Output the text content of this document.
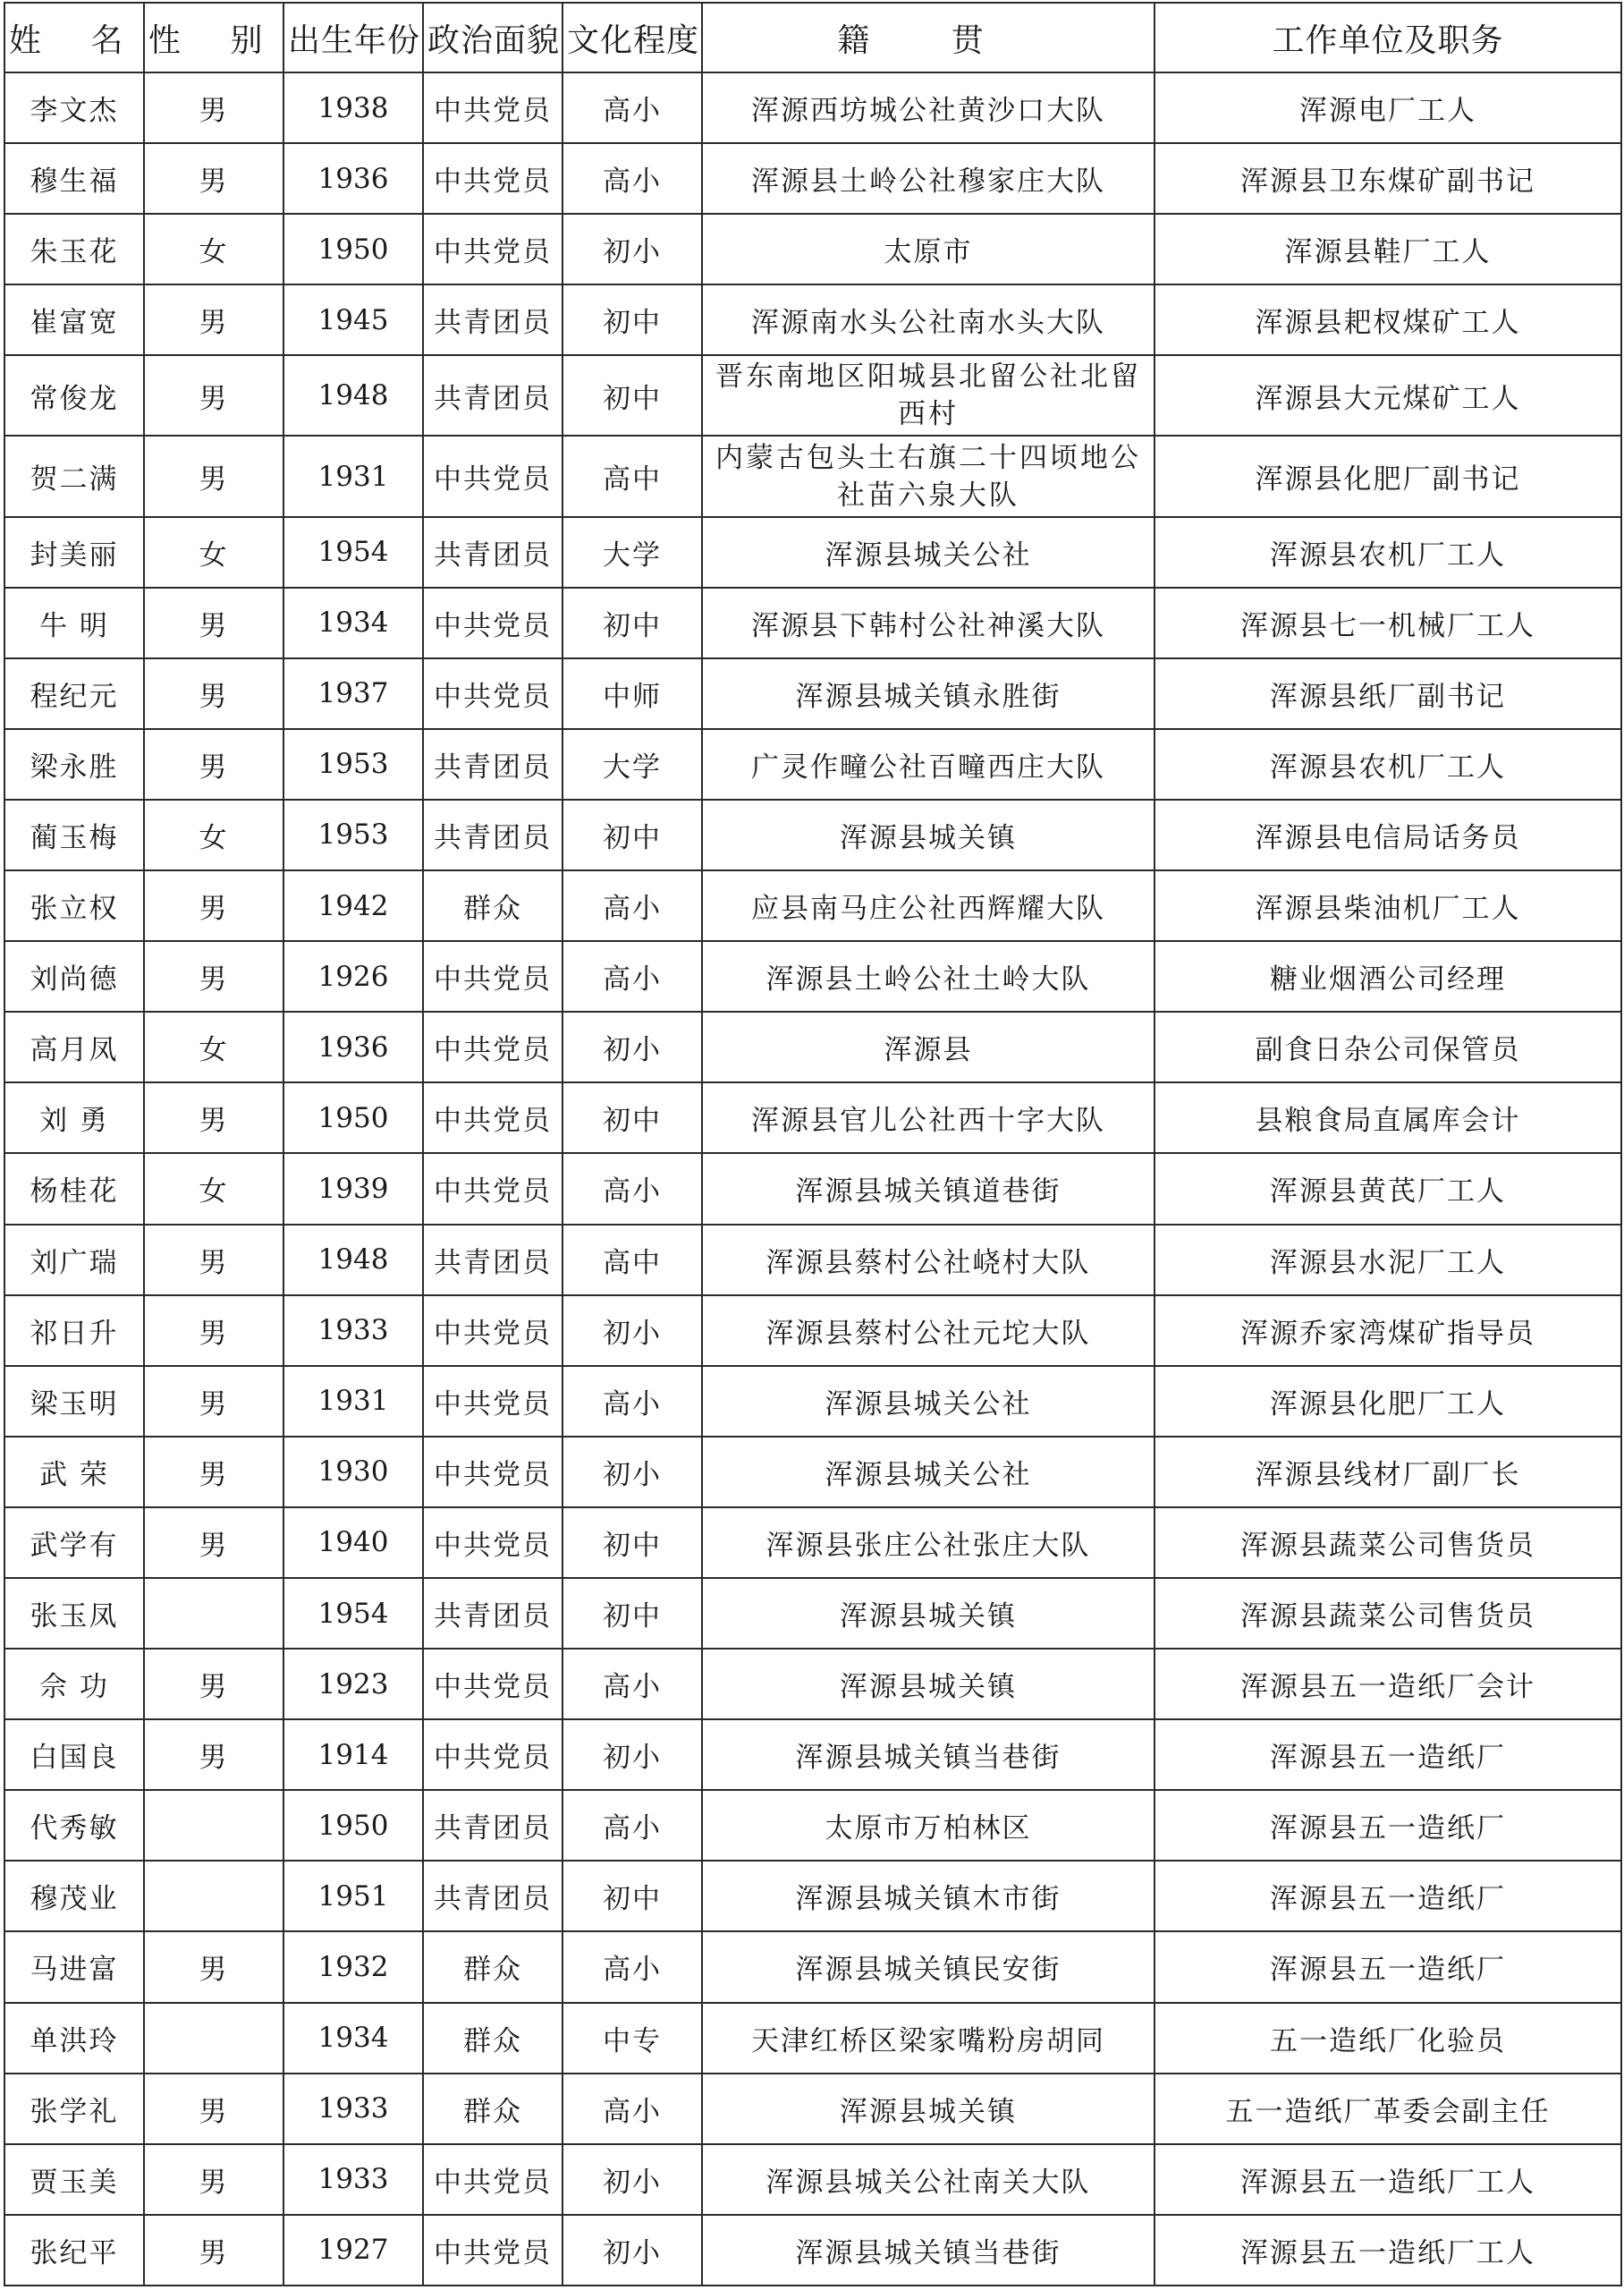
姓 名	性 别	出生年份	政治面貌	文化程度	籍 贯	工作单位及职务
李文杰	男	1938	中共党员	高小	浑源西坊城公社黄沙口大队	浑源电厂工人
穆生福	男	1936	中共党员	高小	浑源县土岭公社穆家庄大队	浑源县卫东煤矿副书记
朱玉花	女	1950	中共党员	初小	太原市	浑源县鞋厂工人
崔富宽	男	1945	共青团员	初中	浑源南水头公社南水头大队	浑源县耙杈煤矿工人
常俊龙	男	1948	共青团员	初中	晋东南地区阳城县北留公社北留西村	浑源县大元煤矿工人
贺二满	男	1931	中共党员	高中	内蒙古包头土右旗二十四顷地公社苗六泉大队	浑源县化肥厂副书记
封美丽	女	1954	共青团员	大学	浑源县城关公社	浑源县农机厂工人
牛 明	男	1934	中共党员	初中	浑源县下韩村公社神溪大队	浑源县七一机械厂工人
程纪元	男	1937	中共党员	中师	浑源县城关镇永胜街	浑源县纸厂副书记
梁永胜	男	1953	共青团员	大学	广灵作疃公社百疃西庄大队	浑源县农机厂工人
蔺玉梅	女	1953	共青团员	初中	浑源县城关镇	浑源县电信局话务员
张立权	男	1942	群众	高小	应县南马庄公社西辉耀大队	浑源县柴油机厂工人
刘尚德	男	1926	中共党员	高小	浑源县土岭公社土岭大队	糖业烟酒公司经理
高月凤	女	1936	中共党员	初小	浑源县	副食日杂公司保管员
刘 勇	男	1950	中共党员	初中	浑源县官儿公社西十字大队	县粮食局直属库会计
杨桂花	女	1939	中共党员	高小	浑源县城关镇道巷街	浑源县黄芪厂工人
刘广瑞	男	1948	共青团员	高中	浑源县蔡村公社峣村大队	浑源县水泥厂工人
祁日升	男	1933	中共党员	初小	浑源县蔡村公社元坨大队	浑源乔家湾煤矿指导员
梁玉明	男	1931	中共党员	高小	浑源县城关公社	浑源县化肥厂工人
武 荣	男	1930	中共党员	初小	浑源县城关公社	浑源县线材厂副厂长
武学有	男	1940	中共党员	初中	浑源县张庄公社张庄大队	浑源县蔬菜公司售货员
张玉凤		1954	共青团员	初中	浑源县城关镇	浑源县蔬菜公司售货员
佘 功	男	1923	中共党员	高小	浑源县城关镇	浑源县五一造纸厂会计
白国良	男	1914	中共党员	初小	浑源县城关镇当巷街	浑源县五一造纸厂
代秀敏		1950	共青团员	高小	太原市万柏林区	浑源县五一造纸厂
穆茂业		1951	共青团员	初中	浑源县城关镇木市街	浑源县五一造纸厂
马进富	男	1932	群众	高小	浑源县城关镇民安街	浑源县五一造纸厂
单洪玲		1934	群众	中专	天津红桥区梁家嘴粉房胡同	五一造纸厂化验员
张学礼	男	1933	群众	高小	浑源县城关镇	五一造纸厂革委会副主任
贾玉美	男	1933	中共党员	初小	浑源县城关公社南关大队	浑源县五一造纸厂工人
张纪平	男	1927	中共党员	初小	浑源县城关镇当巷街	浑源县五一造纸厂工人
